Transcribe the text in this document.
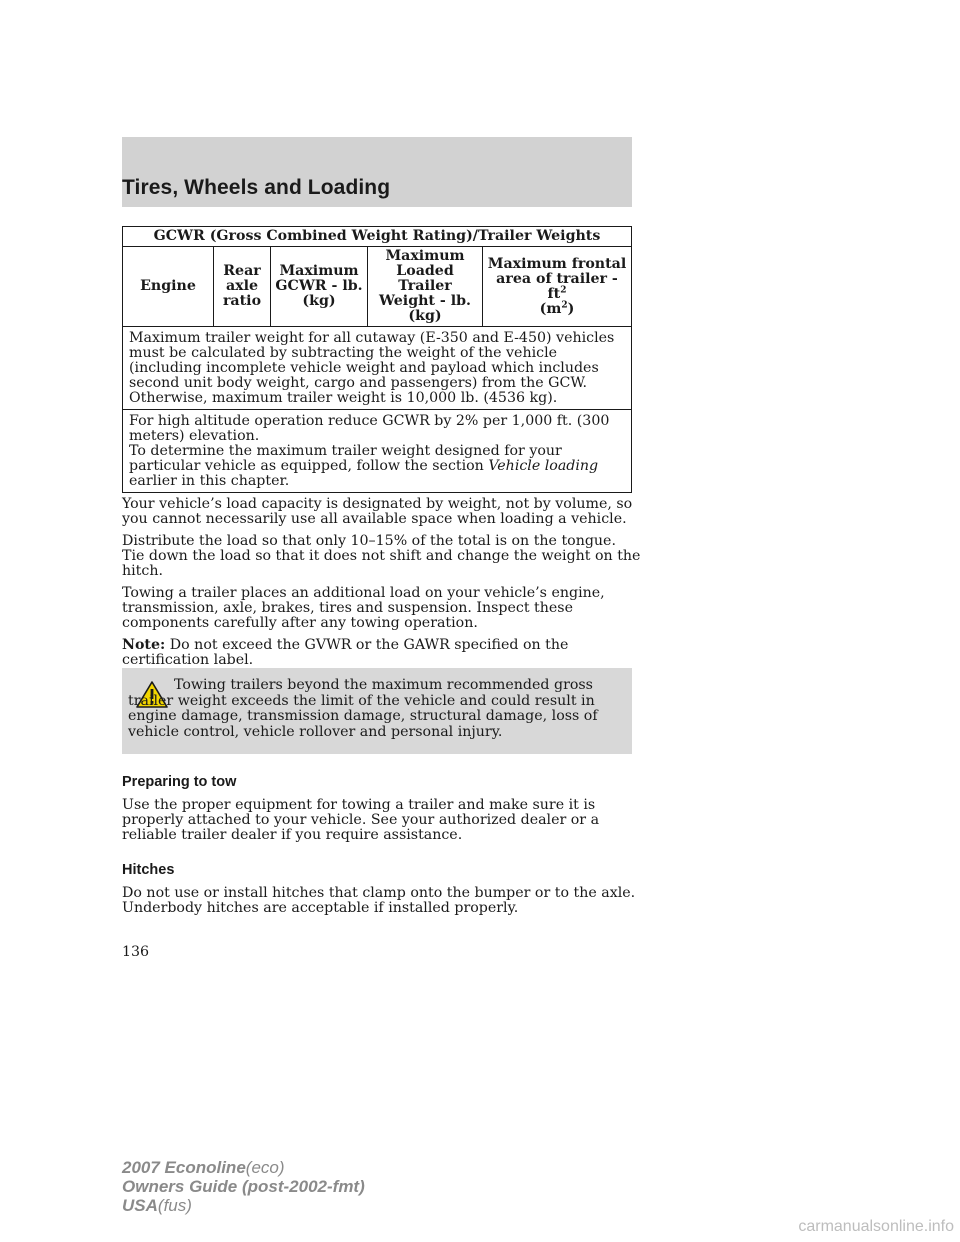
Tires, Wheels and Loading
GCWR (Gross Combined Weight Rating)/Trailer Weights
Engine	Rear axle ratio	Maximum GCWR - lb. (kg)	Maximum Loaded Trailer Weight - lb. (kg)	Maximum frontal area of trailer - $ft^2$
$(m^2)$
Maximum trailer weight for all cutaway (E-350 and E-450) vehicles must be calculated by subtracting the weight of the vehicle (including incomplete vehicle weight and payload which includes second unit body weight, cargo and passengers) from the GCW. Otherwise, maximum trailer weight is 10,000 lb. (4536 kg).
For high altitude operation reduce GCWR by 2% per 1,000 ft. (300 meters) elevation.
To determine the maximum trailer weight designed for your particular vehicle as equipped, follow the section Vehicle loading earlier in this chapter.

Your vehicle’s load capacity is designated by weight, not by volume, so you cannot necessarily use all available space when loading a vehicle.

Distribute the load so that only 10–15% of the total is on the tongue. Tie down the load so that it does not shift and change the weight on the hitch.

Towing a trailer places an additional load on your vehicle’s engine, transmission, axle, brakes, tires and suspension. Inspect these components carefully after any towing operation.

Note: Do not exceed the GVWR or the GAWR specified on the certification label.

Towing trailers beyond the maximum recommended gross trailer weight exceeds the limit of the vehicle and could result in engine damage, transmission damage, structural damage, loss of vehicle control, vehicle rollover and personal injury.
Preparing to tow
Use the proper equipment for towing a trailer and make sure it is properly attached to your vehicle. See your authorized dealer or a reliable trailer dealer if you require assistance.
Hitches
Do not use or install hitches that clamp onto the bumper or to the axle. Underbody hitches are acceptable if installed properly.
136
2007 Econoline(eco)
Owners Guide (post-2002-fmt)
USA(fus)
carmanualsonline.info
